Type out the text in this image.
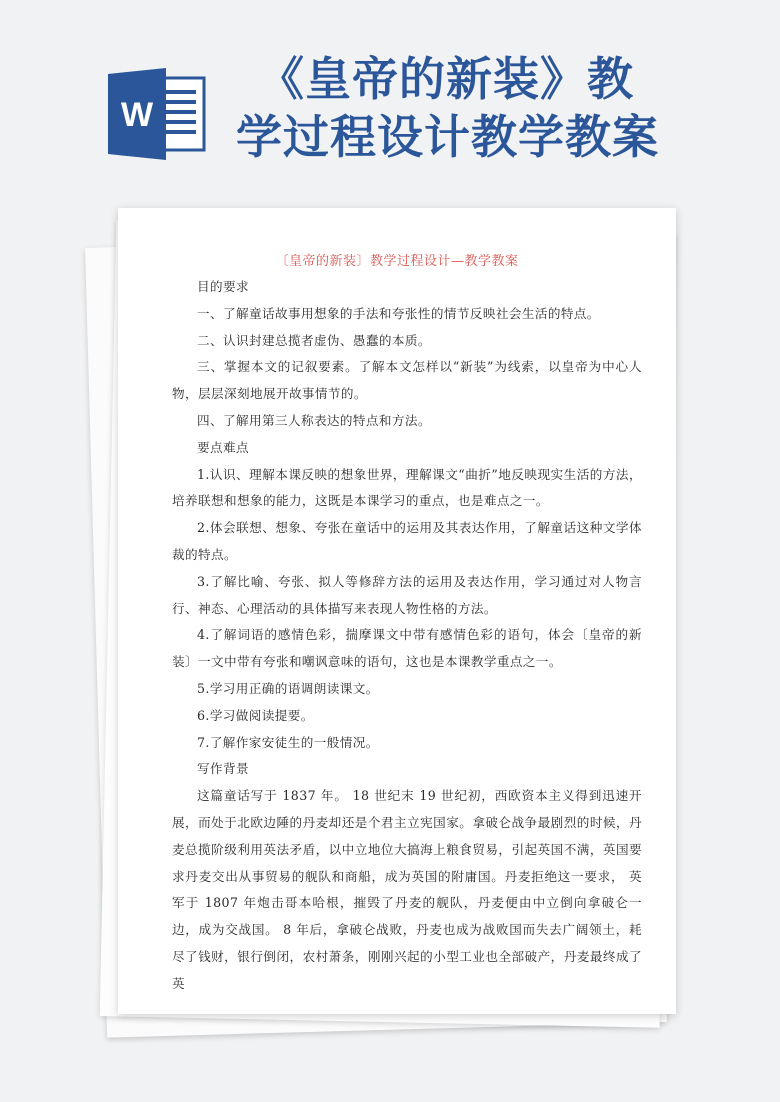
W
《皇帝的新装》教
学过程设计教学教案
〔皇帝的新装〕教学过程设计—教学教案

目的要求

一、了解童话故事用想象的手法和夸张性的情节反映社会生活的特点。

二、认识封建总揽者虚伪、愚蠢的本质。

三、掌握本文的记叙要素。了解本文怎样以“新装”为线索，以皇帝为中心人物，层层深刻地展开故事情节的。

四、了解用第三人称表达的特点和方法。

要点难点

1.认识、理解本课反映的想象世界，理解课文“曲折”地反映现实生活的方法，培养联想和想象的能力，这既是本课学习的重点，也是难点之一。

2.体会联想、想象、夸张在童话中的运用及其表达作用，了解童话这种文学体裁的特点。

3.了解比喻、夸张、拟人等修辞方法的运用及表达作用，学习通过对人物言行、神态、心理活动的具体描写来表现人物性格的方法。

4.了解词语的感情色彩，揣摩课文中带有感情色彩的语句，体会〔皇帝的新装〕一文中带有夸张和嘲讽意味的语句，这也是本课教学重点之一。

5.学习用正确的语调朗读课文。

6.学习做阅读提要。

7.了解作家安徒生的一般情况。

写作背景

这篇童话写于 1837 年。 18 世纪末 19 世纪初，西欧资本主义得到迅速开展，而处于北欧边陲的丹麦却还是个君主立宪国家。拿破仑战争最剧烈的时候，丹麦总揽阶级利用英法矛盾，以中立地位大搞海上粮食贸易，引起英国不满，英国要求丹麦交出从事贸易的舰队和商船，成为英国的附庸国。丹麦拒绝这一要求， 英军于 1807 年炮击哥本哈根，摧毁了丹麦的舰队，丹麦便由中立倒向拿破仑一边，成为交战国。 8 年后，拿破仑战败，丹麦也成为战败国而失去广阔领土，耗尽了钱财，银行倒闭，农村萧条，刚刚兴起的小型工业也全部破产，丹麦最终成了英
